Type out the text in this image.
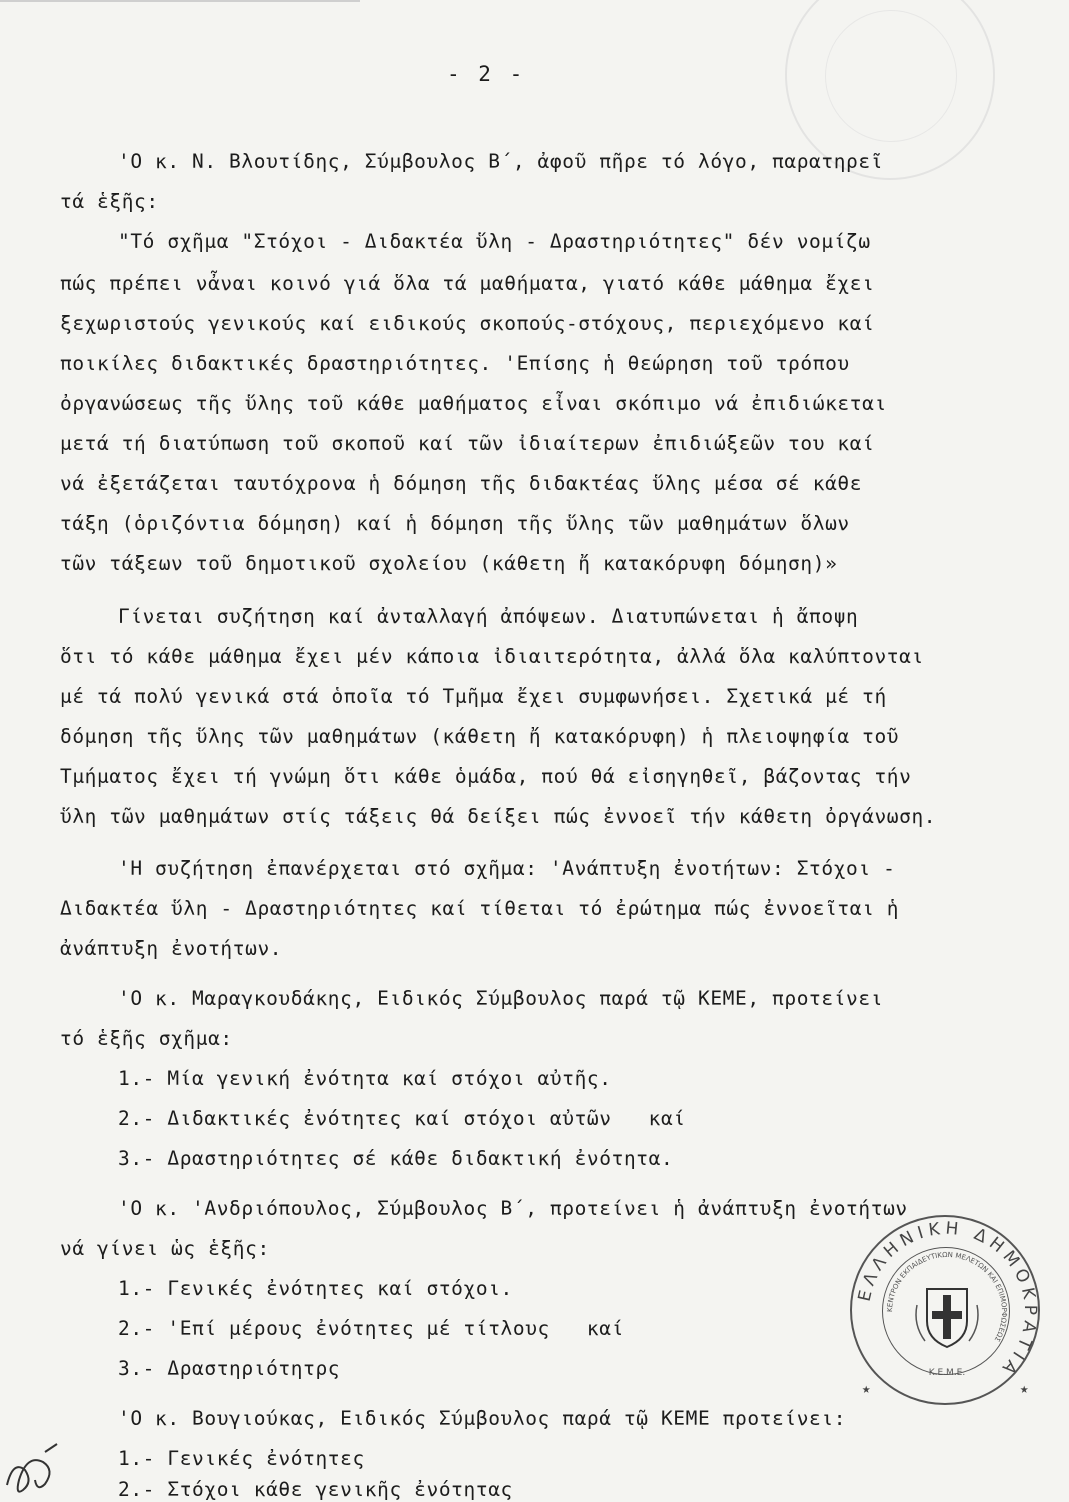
- 2 -
'Ο κ. Ν. Βλουτίδης, Σύμβουλος Β΄, ἀφοῦ πῆρε τό λόγο, παρατηρεῖ
τά ἑξῆς:
"Τό σχῆμα "Στόχοι - Διδακτέα ὕλη - Δραστηριότητες" δέν νομίζω
πώς πρέπει νἆναι κοινό γιά ὅλα τά μαθήματα, γιατό κάθε μάθημα ἔχει
ξεχωριστούς γενικούς καί ειδικούς σκοπούς-στόχους, περιεχόμενο καί
ποικίλες διδακτικές δραστηριότητες. 'Επίσης ἡ θεώρηση τοῦ τρόπου
ὀργανώσεως τῆς ὕλης τοῦ κάθε μαθήματος εἶναι σκόπιμο νά ἐπιδιώκεται
μετά τή διατύπωση τοῦ σκοποῦ καί τῶν ἰδιαίτερων ἐπιδιώξεῶν του καί
νά ἐξετάζεται ταυτόχρονα ἡ δόμηση τῆς διδακτέας ὕλης μέσα σέ κάθε
τάξη (ὁριζόντια δόμηση) καί ἡ δόμηση τῆς ὕλης τῶν μαθημάτων ὅλων
τῶν τάξεων τοῦ δημοτικοῦ σχολείου (κάθετη ἤ κατακόρυφη δόμηση)»
Γίνεται συζήτηση καί ἀνταλλαγή ἀπόψεων. Διατυπώνεται ἡ ἄποψη
ὅτι τό κάθε μάθημα ἔχει μέν κάποια ἰδιαιτερότητα, ἀλλά ὅλα καλύπτονται
μέ τά πολύ γενικά στά ὁποῖα τό Τμῆμα ἔχει συμφωνήσει. Σχετικά μέ τή
δόμηση τῆς ὕλης τῶν μαθημάτων (κάθετη ἤ κατακόρυφη) ἡ πλειοψηφία τοῦ
Τμήματος ἔχει τή γνώμη ὅτι κάθε ὁμάδα, πού θά εἰσηγηθεῖ, βάζοντας τήν
ὕλη τῶν μαθημάτων στίς τάξεις θά δείξει πώς ἐννοεῖ τήν κάθετη ὀργάνωση.
'Η συζήτηση ἐπανέρχεται στό σχῆμα: 'Ανάπτυξη ἐνοτήτων: Στόχοι -
Διδακτέα ὕλη - Δραστηριότητες καί τίθεται τό ἐρώτημα πώς ἐννοεῖται ἡ
ἀνάπτυξη ἐνοτήτων.
'Ο κ. Μαραγκουδάκης, Ειδικός Σύμβουλος παρά τῷ ΚΕΜΕ, προτείνει
τό ἑξῆς σχῆμα:
1.- Μία γενική ἐνότητα καί στόχοι αὐτῆς.
2.- Διδακτικές ἐνότητες καί στόχοι αὐτῶν   καί
3.- Δραστηριότητες σέ κάθε διδακτική ἐνότητα.
'Ο κ. 'Ανδριόπουλος, Σύμβουλος Β΄, προτείνει ἡ ἀνάπτυξη ἐνοτήτων
νά γίνει ὡς ἑξῆς:
1.- Γενικές ἐνότητες καί στόχοι.
2.- 'Επί μέρους ἐνότητες μέ τίτλους   καί
3.- Δραστηριότητρς
'Ο κ. Βουγιούκας, Ειδικός Σύμβουλος παρά τῷ ΚΕΜΕ προτείνει:
1.- Γενικές ἐνότητες
2.- Στόχοι κάθε γενικῆς ἐνότητας
ΕΛΛΗΝΙΚΗ ΔΗΜΟΚΡΑΤΙΑ
ΚΕΝΤΡΟΝ ΕΚΠΑΙΔΕΥΤΙΚΩΝ ΜΕΛΕΤΩΝ ΚΑΙ ΕΠΙΜΟΡΦΩΣΕΩΣ
Κ.Ε.Μ.Ε.
★	★
